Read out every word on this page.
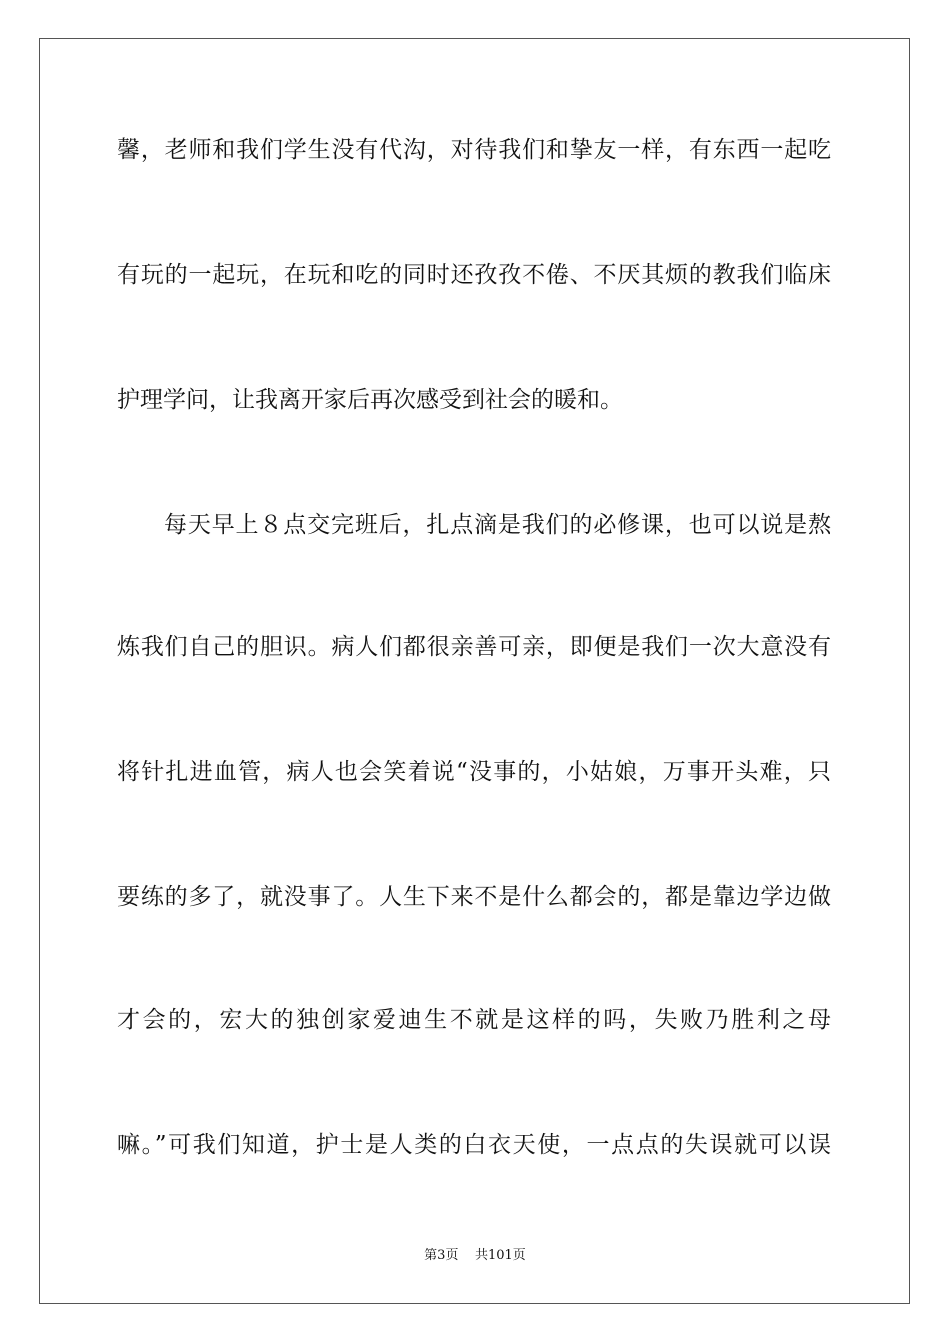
馨，老师和我们学生没有代沟，对待我们和挚友一样，有东西一起吃
有玩的一起玩，在玩和吃的同时还孜孜不倦、不厌其烦的教我们临床
护理学问，让我离开家后再次感受到社会的暖和。
每天早上８点交完班后，扎点滴是我们的必修课，也可以说是熬
炼我们自己的胆识。病人们都很亲善可亲，即便是我们一次大意没有
将针扎进血管，病人也会笑着说“没事的，小姑娘，万事开头难，只
要练的多了，就没事了。人生下来不是什么都会的，都是靠边学边做
才会的，宏大的独创家爱迪生不就是这样的吗，失败乃胜利之母
嘛。”可我们知道，护士是人类的白衣天使，一点点的失误就可以误
第3页 共101页
